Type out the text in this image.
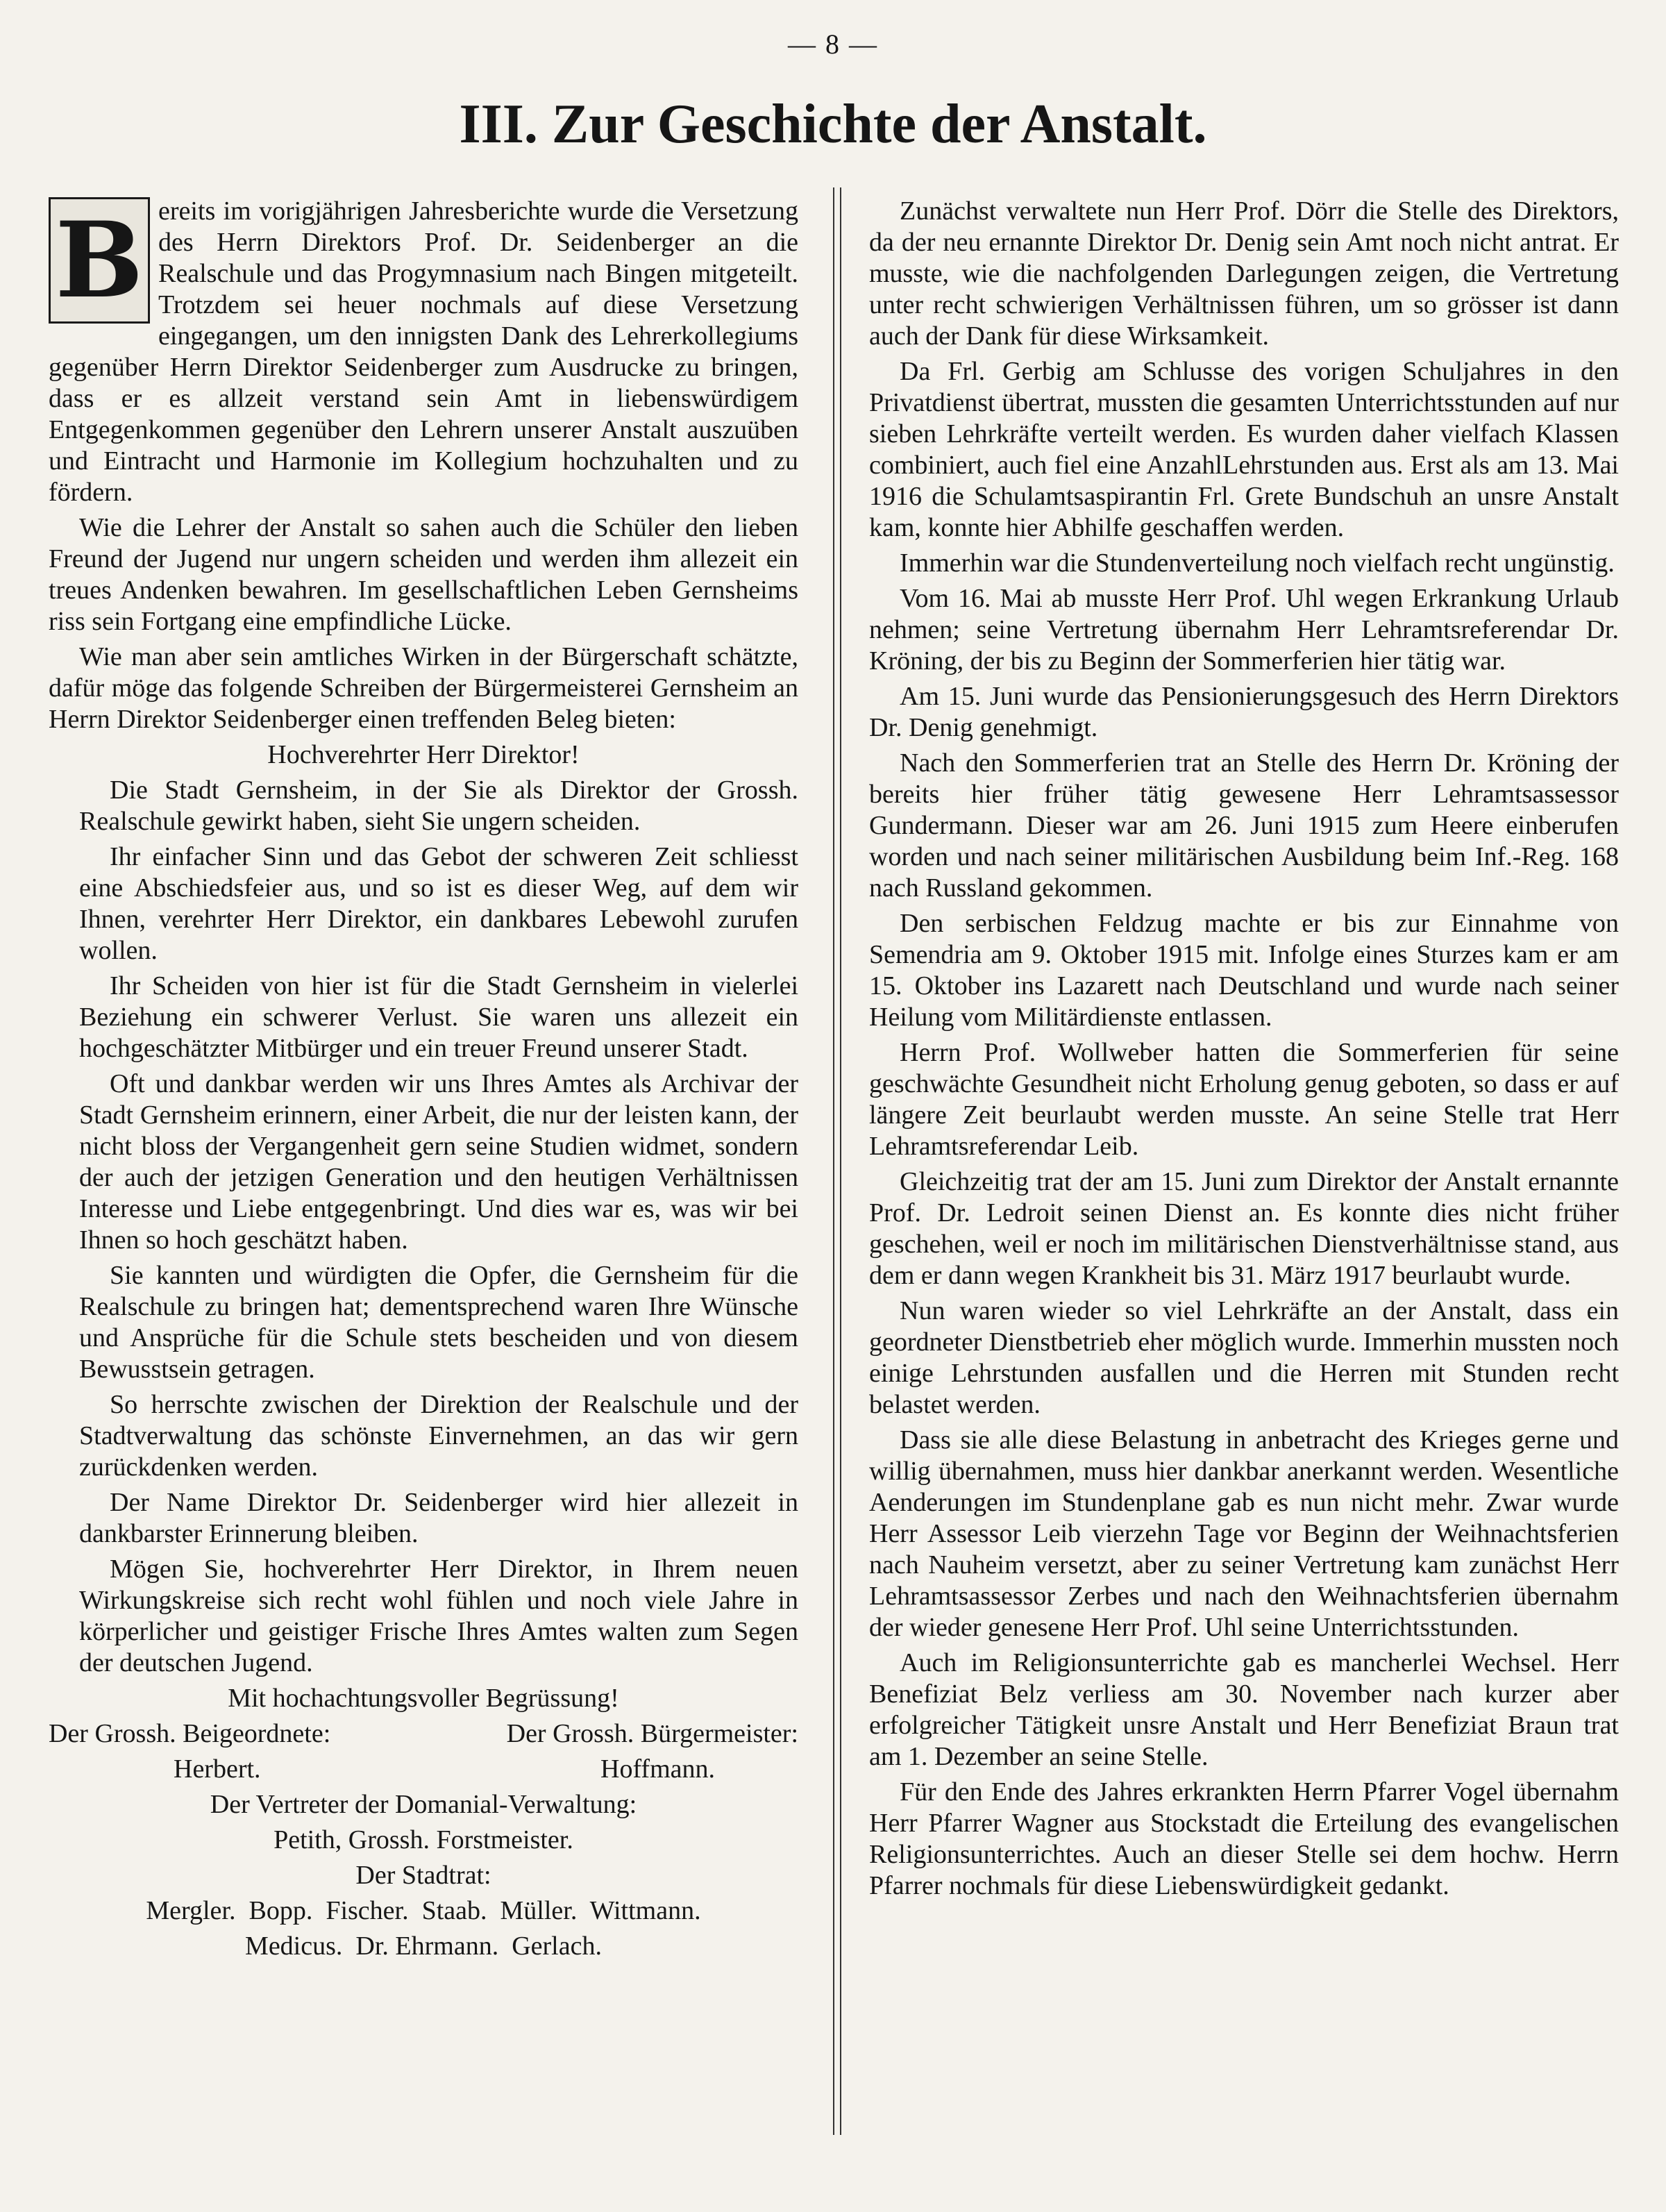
— 8 —
III. Zur Geschichte der Anstalt.

B ereits im vorigjährigen Jahresberichte wurde die Versetzung des Herrn Direktors Prof. Dr. Seidenberger an die Realschule und das Progymnasium nach Bingen mitgeteilt. Trotzdem sei heuer nochmals auf diese Versetzung eingegangen, um den innigsten Dank des Lehrerkollegiums gegenüber Herrn Direktor Seidenberger zum Ausdrucke zu bringen, dass er es allzeit verstand sein Amt in liebenswürdigem Entgegenkommen gegenüber den Lehrern unserer Anstalt auszuüben und Eintracht und Harmonie im Kollegium hochzuhalten und zu fördern.

Wie die Lehrer der Anstalt so sahen auch die Schüler den lieben Freund der Jugend nur ungern scheiden und werden ihm allezeit ein treues Andenken bewahren. Im gesellschaftlichen Leben Gernsheims riss sein Fortgang eine empfindliche Lücke.

Wie man aber sein amtliches Wirken in der Bürgerschaft schätzte, dafür möge das folgende Schreiben der Bürgermeisterei Gernsheim an Herrn Direktor Seidenberger einen treffenden Beleg bieten:

Hochverehrter Herr Direktor!

Die Stadt Gernsheim, in der Sie als Direktor der Grossh. Realschule gewirkt haben, sieht Sie ungern scheiden.

Ihr einfacher Sinn und das Gebot der schweren Zeit schliesst eine Abschiedsfeier aus, und so ist es dieser Weg, auf dem wir Ihnen, verehrter Herr Direktor, ein dankbares Lebewohl zurufen wollen.

Ihr Scheiden von hier ist für die Stadt Gernsheim in vielerlei Beziehung ein schwerer Verlust. Sie waren uns allezeit ein hochgeschätzter Mitbürger und ein treuer Freund unserer Stadt.

Oft und dankbar werden wir uns Ihres Amtes als Archivar der Stadt Gernsheim erinnern, einer Arbeit, die nur der leisten kann, der nicht bloss der Vergangenheit gern seine Studien widmet, sondern der auch der jetzigen Generation und den heutigen Verhältnissen Interesse und Liebe entgegenbringt. Und dies war es, was wir bei Ihnen so hoch geschätzt haben.

Sie kannten und würdigten die Opfer, die Gernsheim für die Realschule zu bringen hat; dementsprechend waren Ihre Wünsche und Ansprüche für die Schule stets bescheiden und von diesem Bewusstsein getragen.

So herrschte zwischen der Direktion der Realschule und der Stadtverwaltung das schönste Einvernehmen, an das wir gern zurückdenken werden.

Der Name Direktor Dr. Seidenberger wird hier allezeit in dankbarster Erinnerung bleiben.

Mögen Sie, hochverehrter Herr Direktor, in Ihrem neuen Wirkungskreise sich recht wohl fühlen und noch viele Jahre in körperlicher und geistiger Frische Ihres Amtes walten zum Segen der deutschen Jugend.

Mit hochachtungsvoller Begrüssung!

Der Grossh. Beigeordnete:	Der Grossh. Bürgermeister:
Herbert.	Hoffmann.

Der Vertreter der Domanial-Verwaltung:

Petith, Grossh. Forstmeister.

Der Stadtrat:

Mergler.  Bopp.  Fischer.  Staab.  Müller.  Wittmann.

Medicus.  Dr. Ehrmann.  Gerlach.

Zunächst verwaltete nun Herr Prof. Dörr die Stelle des Direktors, da der neu ernannte Direktor Dr. Denig sein Amt noch nicht antrat. Er musste, wie die nachfolgenden Darlegungen zeigen, die Vertretung unter recht schwierigen Verhältnissen führen, um so grösser ist dann auch der Dank für diese Wirksamkeit.

Da Frl. Gerbig am Schlusse des vorigen Schuljahres in den Privatdienst übertrat, mussten die gesamten Unterrichtsstunden auf nur sieben Lehrkräfte verteilt werden. Es wurden daher vielfach Klassen combiniert, auch fiel eine AnzahlLehrstunden aus. Erst als am 13. Mai 1916 die Schulamtsaspirantin Frl. Grete Bundschuh an unsre Anstalt kam, konnte hier Abhilfe geschaffen werden.

Immerhin war die Stundenverteilung noch vielfach recht ungünstig.

Vom 16. Mai ab musste Herr Prof. Uhl wegen Erkrankung Urlaub nehmen; seine Vertretung übernahm Herr Lehramtsreferendar Dr. Kröning, der bis zu Beginn der Sommerferien hier tätig war.

Am 15. Juni wurde das Pensionierungsgesuch des Herrn Direktors Dr. Denig genehmigt.

Nach den Sommerferien trat an Stelle des Herrn Dr. Kröning der bereits hier früher tätig gewesene Herr Lehramtsassessor Gundermann. Dieser war am 26. Juni 1915 zum Heere einberufen worden und nach seiner militärischen Ausbildung beim Inf.-Reg. 168 nach Russland gekommen.

Den serbischen Feldzug machte er bis zur Einnahme von Semendria am 9. Oktober 1915 mit. Infolge eines Sturzes kam er am 15. Oktober ins Lazarett nach Deutschland und wurde nach seiner Heilung vom Militärdienste entlassen.

Herrn Prof. Wollweber hatten die Sommerferien für seine geschwächte Gesundheit nicht Erholung genug geboten, so dass er auf längere Zeit beurlaubt werden musste. An seine Stelle trat Herr Lehramtsreferendar Leib.

Gleichzeitig trat der am 15. Juni zum Direktor der Anstalt ernannte Prof. Dr. Ledroit seinen Dienst an. Es konnte dies nicht früher geschehen, weil er noch im militärischen Dienstverhältnisse stand, aus dem er dann wegen Krankheit bis 31. März 1917 beurlaubt wurde.

Nun waren wieder so viel Lehrkräfte an der Anstalt, dass ein geordneter Dienstbetrieb eher möglich wurde. Immerhin mussten noch einige Lehrstunden ausfallen und die Herren mit Stunden recht belastet werden.

Dass sie alle diese Belastung in anbetracht des Krieges gerne und willig übernahmen, muss hier dankbar anerkannt werden. Wesentliche Aenderungen im Stundenplane gab es nun nicht mehr. Zwar wurde Herr Assessor Leib vierzehn Tage vor Beginn der Weihnachtsferien nach Nauheim versetzt, aber zu seiner Vertretung kam zunächst Herr Lehramtsassessor Zerbes und nach den Weihnachtsferien übernahm der wieder genesene Herr Prof. Uhl seine Unterrichtsstunden.

Auch im Religionsunterrichte gab es mancherlei Wechsel. Herr Benefiziat Belz verliess am 30. November nach kurzer aber erfolgreicher Tätigkeit unsre Anstalt und Herr Benefiziat Braun trat am 1. Dezember an seine Stelle.

Für den Ende des Jahres erkrankten Herrn Pfarrer Vogel übernahm Herr Pfarrer Wagner aus Stockstadt die Erteilung des evangelischen Religionsunterrichtes. Auch an dieser Stelle sei dem hochw. Herrn Pfarrer nochmals für diese Liebenswürdigkeit gedankt.
